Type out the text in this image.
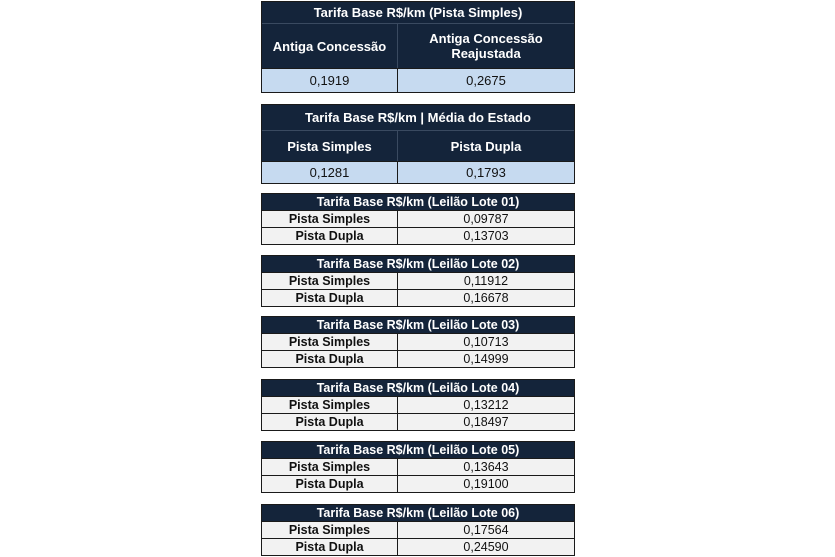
Tarifa Base R$/km (Pista Simples)
Antiga Concessão	Antiga Concessão Reajustada
0,1919	0,2675
Tarifa Base R$/km | Média do Estado
Pista Simples	Pista Dupla
0,1281	0,1793
Tarifa Base R$/km (Leilão Lote 01)
Pista Simples	0,09787
Pista Dupla	0,13703
Tarifa Base R$/km (Leilão Lote 02)
Pista Simples	0,11912
Pista Dupla	0,16678
Tarifa Base R$/km (Leilão Lote 03)
Pista Simples	0,10713
Pista Dupla	0,14999
Tarifa Base R$/km (Leilão Lote 04)
Pista Simples	0,13212
Pista Dupla	0,18497
Tarifa Base R$/km (Leilão Lote 05)
Pista Simples	0,13643
Pista Dupla	0,19100
Tarifa Base R$/km (Leilão Lote 06)
Pista Simples	0,17564
Pista Dupla	0,24590
